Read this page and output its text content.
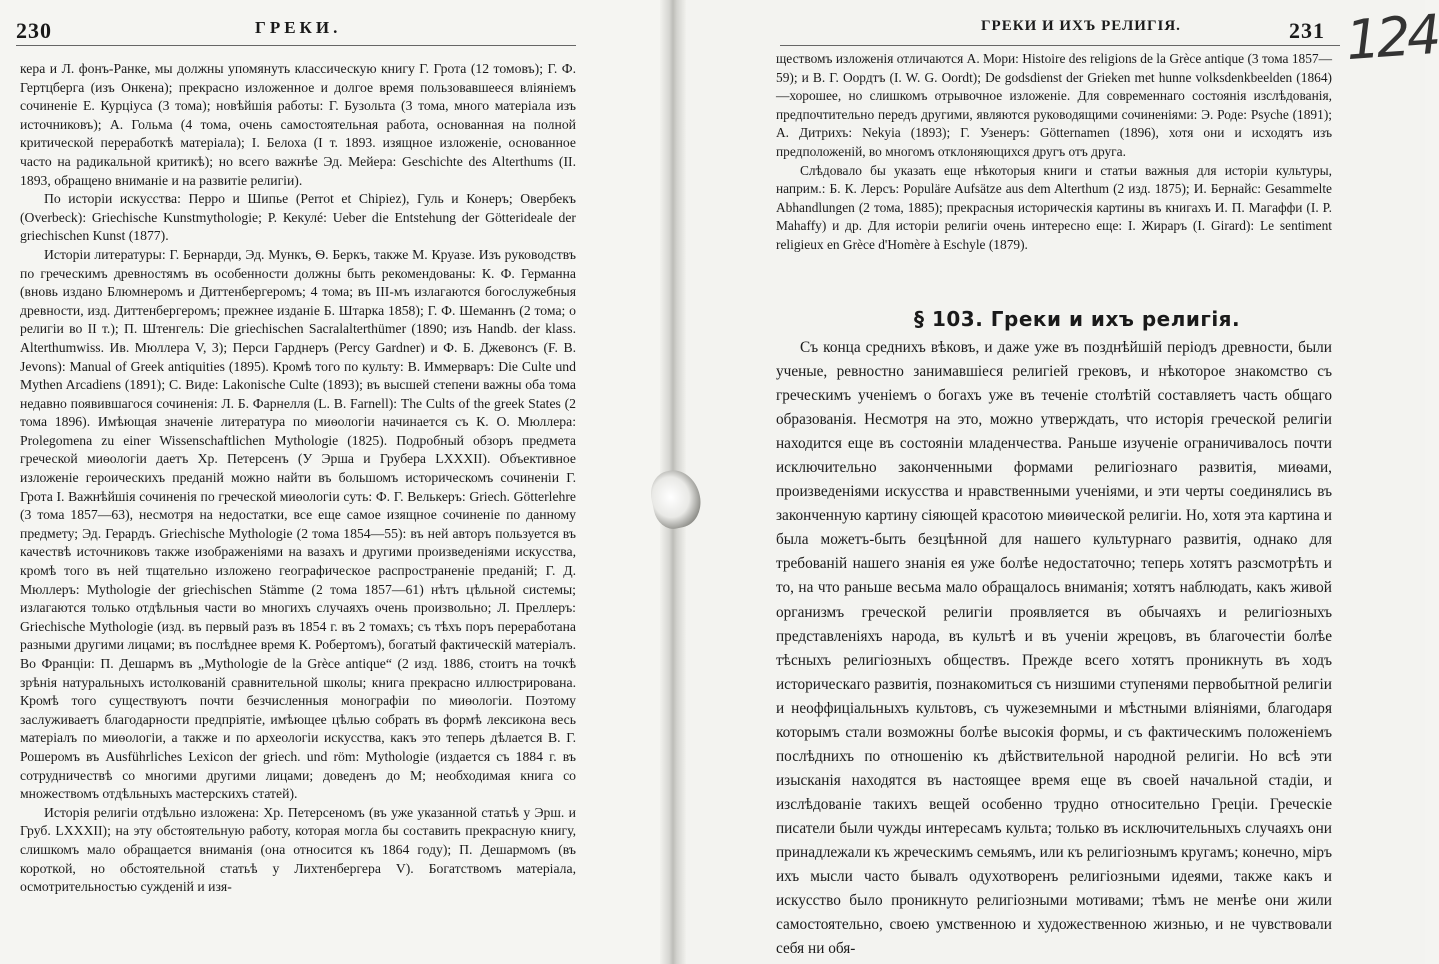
230	ГРЕКИ.

кера и Л. фонъ-Ранке, мы должны упомянуть классическую книгу Г. Грота (12 томовъ); Г. Ф. Гертцберга (изъ Онкена); прекрасно изложенное и долгое время пользовавшееся вліяніемъ сочиненіе Е. Курціуса (3 тома); новѣйшія работы: Г. Бузольта (3 тома, много матеріала изъ источниковъ); А. Гольма (4 тома, очень самостоятельная работа, основанная на полной критической переработкѣ матеріала); І. Белоха (I т. 1893. изящное изложеніе, основанное часто на радикальной критикѣ); но всего важнѣе Эд. Мейера: Geschichte des Alterthums (II. 1893, обращено вниманіе и на развитіе религіи).

По исторіи искусства: Перро и Шипье (Perrot et Chipiez), Гуль и Конеръ; Овербекъ (Overbeck): Griechische Kunstmythologie; Р. Кекулé: Ueber die Entstehung der Götterideale der griechischen Kunst (1877).

Исторіи литературы: Г. Бернарди, Эд. Мункъ, Ѳ. Беркъ, также М. Круазе. Изъ руководствъ по греческимъ древностямъ въ особенности должны быть рекомендованы: К. Ф. Германна (вновь издано Блюмнеромъ и Диттенбергеромъ; 4 тома; въ III-мъ излагаются богослужебныя древности, изд. Диттенбергеромъ; прежнее изданіе Б. Штарка 1858); Г. Ф. Шеманнъ (2 тома; о религіи во II т.); П. Штенгель: Die griechischen Sacralalterthümer (1890; изъ Handb. der klass. Alterthumwiss. Ив. Мюллера V, 3); Перси Гарднеръ (Percy Gardner) и Ф. Б. Джевонсъ (F. B. Jevons): Manual of Greek antiquities (1895). Кромѣ того по культу: В. Иммерваръ: Die Culte und Mythen Arcadiens (1891); С. Виде: Lakonische Culte (1893); въ высшей степени важны оба тома недавно появившагося сочиненія: Л. Б. Фарнелля (L. B. Farnell): The Cults of the greek States (2 тома 1896). Имѣющая значеніе литература по миѳологіи начинается съ К. О. Мюллера: Prolegomena zu einer Wissenschaftlichen Mythologie (1825). Подробный обзоръ предмета греческой миѳологіи даетъ Хр. Петерсенъ (У Эрша и Грубера LXXXII). Объективное изложеніе героическихъ преданій можно найти въ большомъ историческомъ сочиненіи Г. Грота I. Важнѣйшія сочиненія по греческой миѳологіи суть: Ф. Г. Велькеръ: Griech. Götterlehre (3 тома 1857—63), несмотря на недостатки, все еще самое изящное сочиненіе по данному предмету; Эд. Герардъ. Griechische Mythologie (2 тома 1854—55): въ ней авторъ пользуется въ качествѣ источниковъ также изображеніями на вазахъ и другими произведеніями искусства, кромѣ того въ ней тщательно изложено географическое распространеніе преданій; Г. Д. Мюллеръ: Mythologie der griechischen Stämme (2 тома 1857—61) нѣтъ цѣльной системы; излагаются только отдѣльныя части во многихъ случаяхъ очень произвольно; Л. Преллеръ: Griechische Mythologie (изд. въ первый разъ въ 1854 г. въ 2 томахъ; съ тѣхъ поръ переработана разными другими лицами; въ послѣднее время К. Робертомъ), богатый фактическій матеріалъ. Во Франціи: П. Дешармъ въ „Mythologie de la Grèce antique“ (2 изд. 1886, стоитъ на точкѣ зрѣнія натуральныхъ истолкованій сравнительной школы; книга прекрасно иллюстрирована. Кромѣ того существуютъ почти безчисленныя монографіи по миѳологіи. Поэтому заслуживаетъ благодарности предпріятіе, имѣющее цѣлью собрать въ формѣ лексикона весь матеріалъ по миѳологіи, а также и по археологіи искусства, какъ это теперь дѣлается В. Г. Рошеромъ въ Ausführliches Lexicon der griech. und röm: Mythologie (издается съ 1884 г. въ сотрудничествѣ со многими другими лицами; доведенъ до М; необходимая книга со множествомъ отдѣльныхъ мастерскихъ статей).

Исторія религіи отдѣльно изложена: Хр. Петерсеномъ (въ уже указанной статьѣ у Эрш. и Груб. LXXXII); на эту обстоятельную работу, которая могла бы составить прекрасную книгу, слишкомъ мало обращается вниманія (она относится къ 1864 году); П. Дешармомъ (въ короткой, но обстоятельной статьѣ у Лихтенбергера V). Богатствомъ матеріала, осмотрительностью сужденій и изя-

ГРЕКИ И ИХЪ РЕЛИГІЯ.	231 124

ществомъ изложенія отличаются А. Мори: Histoire des religions de la Grèce antique (3 тома 1857—59); и В. Г. Оордтъ (I. W. G. Oordt); De godsdienst der Grieken met hunne volksdenkbeelden (1864)—хорошее, но слишкомъ отрывочное изложеніе. Для современнаго состоянія изслѣдованія, предпочтительно передъ другими, являются руководящими сочиненіями: Э. Роде: Psyche (1891); А. Дитрихъ: Nekyia (1893); Г. Узенеръ: Götternamen (1896), хотя они и исходятъ изъ предположеній, во многомъ отклоняющихся другъ отъ друга.

Слѣдовало бы указать еще нѣкоторыя книги и статьи важныя для исторіи культуры, наприм.: Б. К. Лерсъ: Populäre Aufsätze aus dem Alterthum (2 изд. 1875); И. Бернайс: Gesammelte Abhandlungen (2 тома, 1885); прекрасныя историческія картины въ книгахъ И. П. Магаффи (I. P. Mahaffy) и др. Для исторіи религіи очень интересно еще: I. Жираръ (I. Girard): Le sentiment religieux en Grèce d'Homère à Eschyle (1879).

§ 103. Греки и ихъ религія.

Съ конца среднихъ вѣковъ, и даже уже въ позднѣйшій періодъ древности, были ученые, ревностно занимавшіеся религіей грековъ, и нѣкоторое знакомство съ греческимъ ученіемъ о богахъ уже въ теченіе столѣтій составляетъ часть общаго образованія. Несмотря на это, можно утверждать, что исторія греческой религіи находится еще въ состояніи младенчества. Раньше изученіе ограничивалось почти исключительно законченными формами религіознаго развитія, миѳами, произведеніями искусства и нравственными ученіями, и эти черты соединялись въ законченную картину сіяющей красотою миѳической религіи. Но, хотя эта картина и была можетъ-быть безцѣнной для нашего культурнаго развитія, однако для требованій нашего знанія ея уже болѣе недостаточно; теперь хотятъ разсмотрѣть и то, на что раньше весьма мало обращалось вниманія; хотятъ наблюдать, какъ живой организмъ греческой религіи проявляется въ обычаяхъ и религіозныхъ представленіяхъ народа, въ культѣ и въ ученіи жрецовъ, въ благочестіи болѣе тѣсныхъ религіозныхъ обществъ. Прежде всего хотятъ проникнуть въ ходъ историческаго развитія, познакомиться съ низшими ступенями первобытной религіи и неоффиціальныхъ культовъ, съ чужеземными и мѣстными вліяніями, благодаря которымъ стали возможны болѣе высокія формы, и съ фактическимъ положеніемъ послѣднихъ по отношенію къ дѣйствительной народной религіи. Но всѣ эти изысканія находятся въ настоящее время еще въ своей начальной стадіи, и изслѣдованіе такихъ вещей особенно трудно относительно Греціи. Греческіе писатели были чужды интересамъ культа; только въ исключительныхъ случаяхъ они принадлежали къ жреческимъ семьямъ, или къ религіознымъ кругамъ; конечно, міръ ихъ мысли часто бывалъ одухотворенъ религіозными идеями, также какъ и искусство было проникнуто религіозными мотивами; тѣмъ не менѣе они жили самостоятельно, своею умственною и художественною жизнью, и не чувствовали себя ни обя-
